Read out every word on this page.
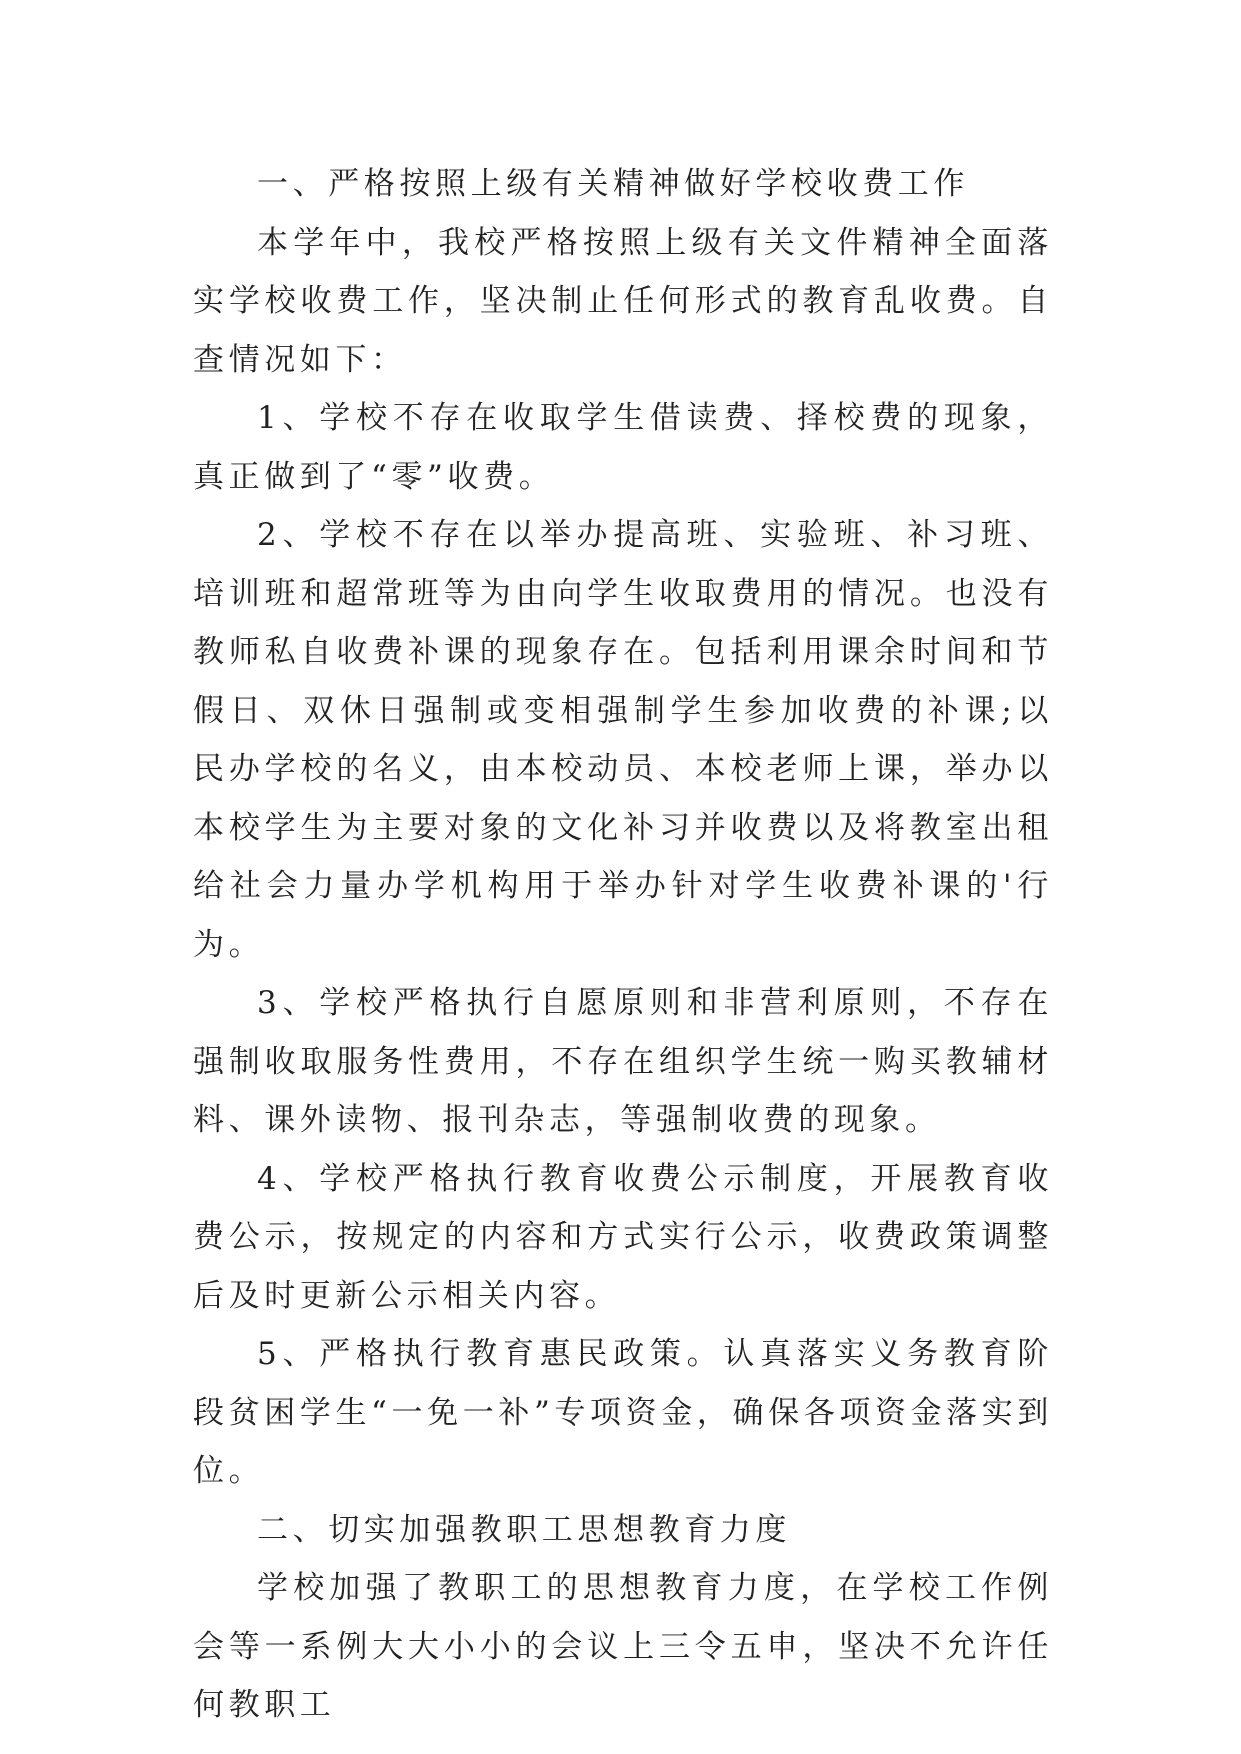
一、严格按照上级有关精神做好学校收费工作

本学年中，我校严格按照上级有关文件精神全面落实学校收费工作，坚决制止任何形式的教育乱收费。自查情况如下：

1、学校不存在收取学生借读费、择校费的现象，真正做到了“零”收费。

2、学校不存在以举办提高班、实验班、补习班、培训班和超常班等为由向学生收取费用的情况。也没有教师私自收费补课的现象存在。包括利用课余时间和节假日、双休日强制或变相强制学生参加收费的补课;以民办学校的名义，由本校动员、本校老师上课，举办以本校学生为主要对象的文化补习并收费以及将教室出租给社会力量办学机构用于举办针对学生收费补课的'行为。

3、学校严格执行自愿原则和非营利原则，不存在强制收取服务性费用，不存在组织学生统一购买教辅材料、课外读物、报刊杂志，等强制收费的现象。

4、学校严格执行教育收费公示制度，开展教育收费公示，按规定的内容和方式实行公示，收费政策调整后及时更新公示相关内容。

5、严格执行教育惠民政策。认真落实义务教育阶段贫困学生“一免一补”专项资金，确保各项资金落实到位。

二、切实加强教职工思想教育力度

学校加强了教职工的思想教育力度，在学校工作例会等一系例大大小小的会议上三令五申，坚决不允许任何教职工
